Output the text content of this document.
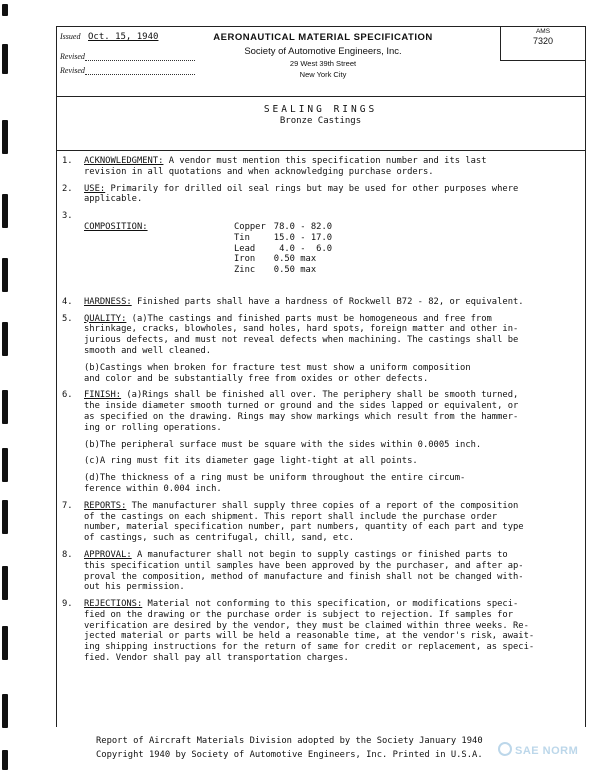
Issued Oct. 15, 1940
Revised
Revised
AERONAUTICAL MATERIAL SPECIFICATION
Society of Automotive Engineers, Inc.
29 West 39th Street
New York City
AMS
7320
SEALING RINGS
Bronze Castings
1. ACKNOWLEDGMENT: A vendor must mention this specification number and its last
revision in all quotations and when acknowledging purchase orders.
2. USE: Primarily for drilled oil seal rings but may be used for other purposes where
applicable.
3.

COMPOSITION:	Copper	78.0 - 82.0
Tin	15.0 - 17.0
Lead	4.0 -  6.0
Iron	0.50 max
Zinc	0.50 max

4. HARDNESS: Finished parts shall have a hardness of Rockwell B72 - 82, or equivalent.
5. QUALITY: (a)The castings and finished parts must be homogeneous and free from
shrinkage, cracks, blowholes, sand holes, hard spots, foreign matter and other in-
jurious defects, and must not reveal defects when machining. The castings shall be
smooth and well cleaned.
(b)Castings when broken for fracture test must show a uniform composition
and color and be substantially free from oxides or other defects.
6. FINISH: (a)Rings shall be finished all over. The periphery shall be smooth turned,
the inside diameter smooth turned or ground and the sides lapped or equivalent, or
as specified on the drawing. Rings may show markings which result from the hammer-
ing or rolling operations.
(b)The peripheral surface must be square with the sides within 0.0005 inch.
(c)A ring must fit its diameter gage light-tight at all points.
(d)The thickness of a ring must be uniform throughout the entire circum-
ference within 0.004 inch.
7. REPORTS: The manufacturer shall supply three copies of a report of the composition
of the castings on each shipment. This report shall include the purchase order
number, material specification number, part numbers, quantity of each part and type
of castings, such as centrifugal, chill, sand, etc.
8. APPROVAL: A manufacturer shall not begin to supply castings or finished parts to
this specification until samples have been approved by the purchaser, and after ap-
proval the composition, method of manufacture and finish shall not be changed with-
out his permission.
9. REJECTIONS: Material not conforming to this specification, or modifications speci-
fied on the drawing or the purchase order is subject to rejection. If samples for
verification are desired by the vendor, they must be claimed within three weeks. Re-
jected material or parts will be held a reasonable time, at the vendor's risk, await-
ing shipping instructions for the return of same for credit or replacement, as speci-
fied. Vendor shall pay all transportation charges.
Report of Aircraft Materials Division adopted by the Society January 1940
Copyright 1940 by Society of Automotive Engineers, Inc. Printed in U.S.A.	SAE NORM
